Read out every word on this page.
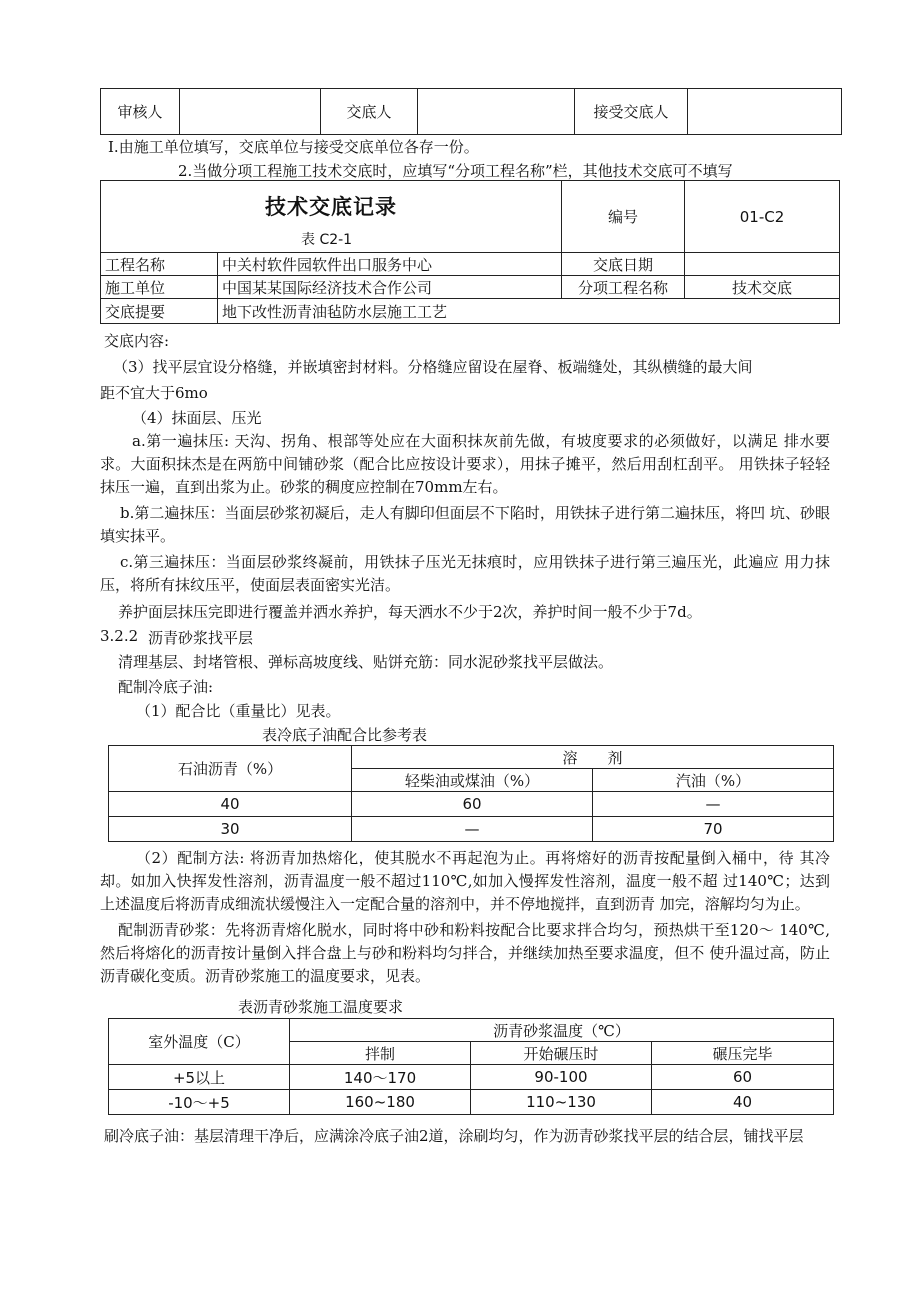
审核人		交底人		接受交底人	
I.由施工单位填写，交底单位与接受交底单位各存一份。
2.当做分项工程施工技术交底时，应填写“分项工程名称”栏，其他技术交底可不填写
技术交底记录
表 C2-1		编号	01-C2
工程名称	中关村软件园软件出口服务中心	交底日期	
施工单位	中国某某国际经济技术合作公司	分项工程名称	技术交底
交底提要	地下改性沥青油毡防水层施工工艺		
交底内容:
（3）找平层宜设分格缝，并嵌填密封材料。分格缝应留设在屋脊、板端缝处，其纵横缝的最大间
距不宜大于6mo
（4）抹面层、压光
a.第一遍抹压: 天沟、拐角、根部等处应在大面积抹灰前先做，有坡度要求的必须做好，以满足 排水要求。大面积抹杰是在两筋中间铺砂浆（配合比应按设计要求），用抹子摊平，然后用刮杠刮平。 用铁抹子轻轻抹压一遍，直到出浆为止。砂浆的稠度应控制在70mm左右。
b.第二遍抹压：当面层砂浆初凝后，走人有脚印但面层不下陷时，用铁抹子进行第二遍抹压，将凹 坑、砂眼填实抹平。
c.第三遍抹压：当面层砂浆终凝前，用铁抹子压光无抹痕时，应用铁抹子进行第三遍压光，此遍应 用力抹压，将所有抹纹压平，使面层表面密实光洁。
养护面层抹压完即进行覆盖并洒水养护，每天洒水不少于2次，养护时间一般不少于7d。
3.2.2 沥青砂浆找平层
清理基层、封堵管根、弹标高坡度线、贴饼充筋：同水泥砂浆找平层做法。
配制冷底子油:
（1）配合比（重量比）见表。
表冷底子油配合比参考表
石油沥青（%）	溶　　剂	
	轻柴油或煤油（%）	汽油（%）
40	60	—
30	—	70
（2）配制方法: 将沥青加热熔化，使其脱水不再起泡为止。再将熔好的沥青按配量倒入桶中，待 其冷却。如加入快挥发性溶剂，沥青温度一般不超过110℃,如加入慢挥发性溶剂，温度一般不超 过140℃；达到上述温度后将沥青成细流状缓慢注入一定配合量的溶剂中，并不停地搅拌，直到沥青 加完，溶解均匀为止。
配制沥青砂浆：先将沥青熔化脱水，同时将中砂和粉料按配合比要求拌合均匀，预热烘干至120～ 140℃,然后将熔化的沥青按计量倒入拌合盘上与砂和粉料均匀拌合，并继续加热至要求温度，但不 使升温过高，防止沥青碳化变质。沥青砂浆施工的温度要求，见表。
表沥青砂浆施工温度要求
室外温度（C）	沥青砂浆温度（℃）		
	拌制	开始碾压时	碾压完毕
+5以上	140～170	90-100	60
-10～+5	160~180	110~130	40
刷冷底子油：基层清理干净后，应满涂冷底子油2道，涂刷均匀，作为沥青砂浆找平层的结合层，铺找平层
